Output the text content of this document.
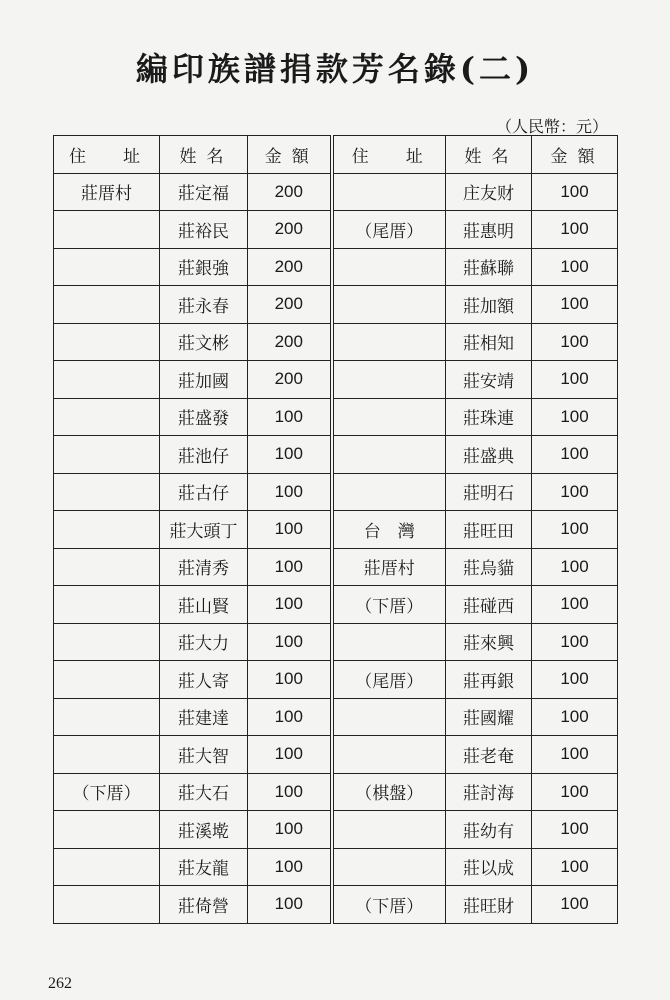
編印族譜捐款芳名錄(二)
（人民幣：元）
住　址	姓名	金額	住　址	姓名	金額
莊厝村	莊定福	200		庄友财	100
	莊裕民	200	（尾厝）	莊惠明	100
	莊銀強	200		莊蘇聯	100
	莊永春	200		莊加額	100
	莊文彬	200		莊相知	100
	莊加國	200		莊安靖	100
	莊盛發	100		莊珠連	100
	莊池仔	100		莊盛典	100
	莊古仔	100		莊明石	100
	莊大頭丁	100	台　灣	莊旺田	100
	莊清秀	100	莊厝村	莊烏貓	100
	莊山賢	100	（下厝）	莊碰西	100
	莊大力	100		莊來興	100
	莊人寄	100	（尾厝）	莊再銀	100
	莊建達	100		莊國耀	100
	莊大智	100		莊老奄	100
（下厝）	莊大石	100	（棋盤）	莊討海	100
	莊溪墘	100		莊幼有	100
	莊友龍	100		莊以成	100
	莊倚營	100	（下厝）	莊旺財	100
262
